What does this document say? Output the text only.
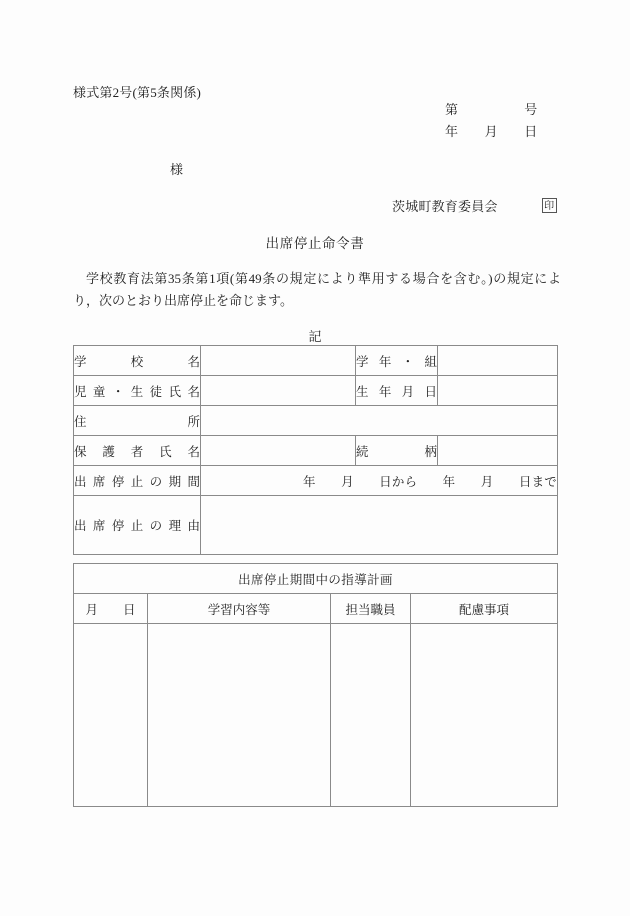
様式第2号(第5条関係)
第　　　　　号
年　　月　　日
様
茨城町教育委員会	印
出席停止命令書
学校教育法第35条第1項(第49条の規定により準用する場合を含む。)の規定により，次のとおり出席停止を命じます。
記
学校名		学年・組	

児童・生徒氏名		生年月日	

住所			

保護者氏名		続柄	

出席停止の期間	年　　月　　日から　　年　　月　　日まで　		

出席停止の理由			

出席停止期間中の指導計画			
月　　日	学習内容等	担当職員	配慮事項
